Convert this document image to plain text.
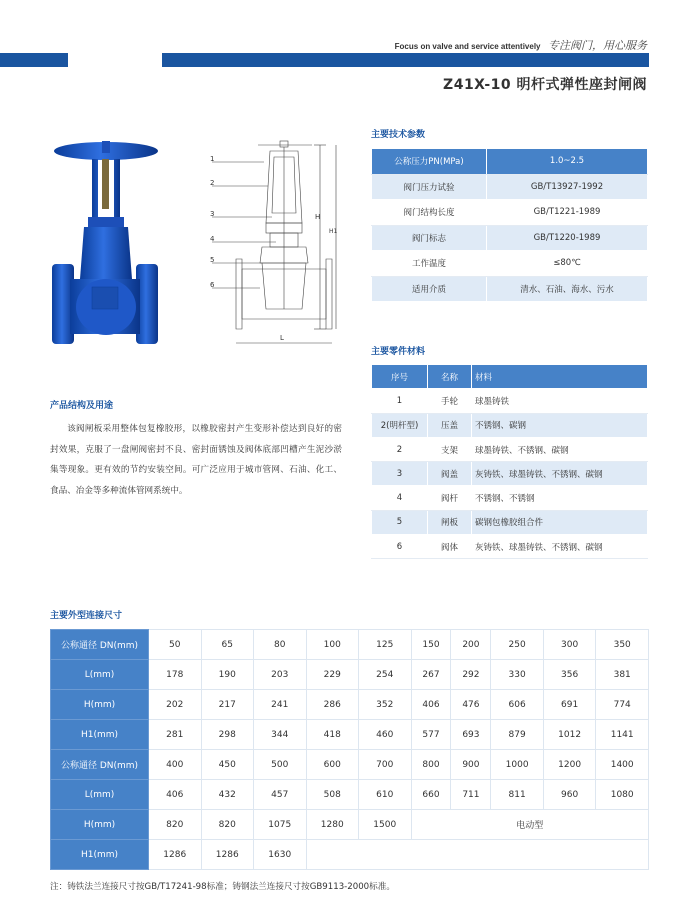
Focus on valve and service attentively 专注阀门，用心服务
Z41X-10 明杆式弹性座封闸阀
1
2
3
4
5
6
H
H1
L
主要技术参数
公称压力PN(MPa)	1.0~2.5
阀门压力试验	GB/T13927-1992
阀门结构长度	GB/T1221-1989
阀门标志	GB/T1220-1989
工作温度	≤80℃
适用介质	清水、石油、海水、污水
主要零件材料
序号	名称	材料
1	手轮	球墨铸铁
2(明杆型)	压盖	不锈钢、碳钢
2	支架	球墨铸铁、不锈钢、碳钢
3	阀盖	灰铸铁、球墨铸铁、不锈钢、碳钢
4	阀杆	不锈钢、不锈钢
5	闸板	碳钢包橡胶组合件
6	阀体	灰铸铁、球墨铸铁、不锈钢、碳钢
产品结构及用途

该阀闸板采用整体包复橡胶形，以橡胶密封产生变形补偿达到良好的密封效果，克服了一盘闸阀密封不良、密封面锈蚀及阀体底部凹槽产生泥沙淤集等现象。更有效的节约安装空间。可广泛应用于城市管网、石油、化工、食品、冶金等多种流体管网系统中。

主要外型连接尺寸
公称通径 DN(mm)	50	65	80	100	125	150	200	250	300	350
L(mm)	178	190	203	229	254	267	292	330	356	381
H(mm)	202	217	241	286	352	406	476	606	691	774
H1(mm)	281	298	344	418	460	577	693	879	1012	1141
公称通径 DN(mm)	400	450	500	600	700	800	900	1000	1200	1400
L(mm)	406	432	457	508	610	660	711	811	960	1080
H(mm)	820	820	1075	1280	1500	电动型				
H1(mm)	1286	1286	1630							
注：铸铁法兰连接尺寸按GB/T17241-98标准；铸钢法兰连接尺寸按GB9113-2000标准。
